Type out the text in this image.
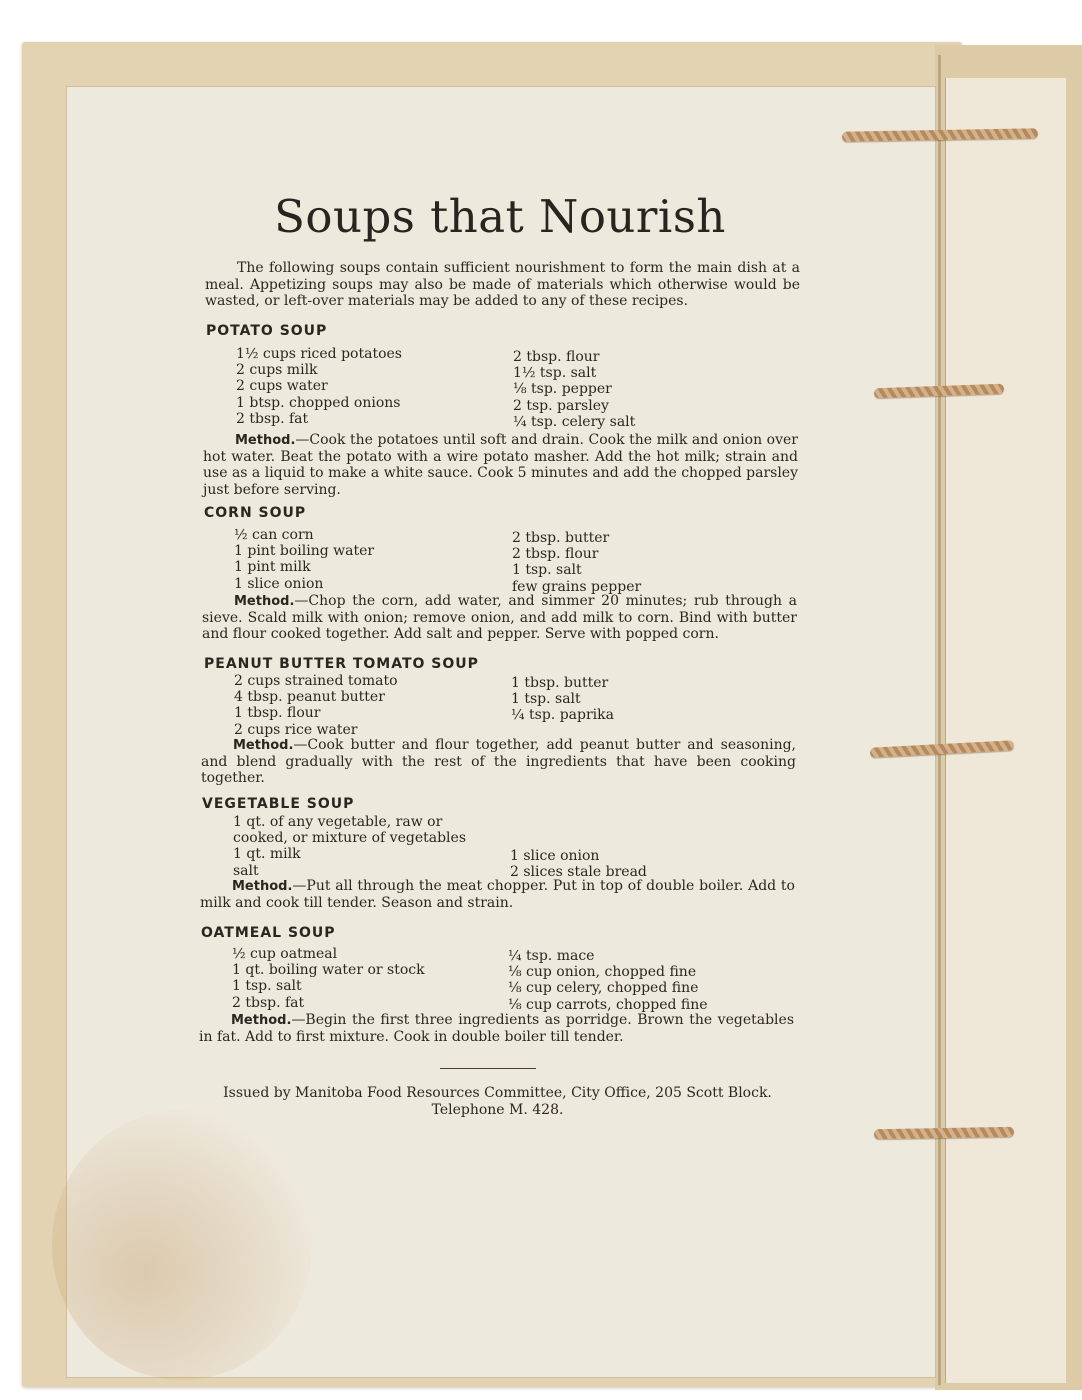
Soups that Nourish
The following soups contain sufficient nourishment to form the main dish at a meal. Appetizing soups may also be made of materials which otherwise would be wasted, or left-over materials may be added to any of these recipes.
POTATO SOUP
1½ cups riced potatoes
2 cups milk
2 cups water
1 btsp. chopped onions
2 tbsp. fat
2 tbsp. flour
1½ tsp. salt
⅛ tsp. pepper
2 tsp. parsley
¼ tsp. celery salt
Method.—Cook the potatoes until soft and drain. Cook the milk and onion over hot water. Beat the potato with a wire potato masher. Add the hot milk; strain and use as a liquid to make a white sauce. Cook 5 minutes and add the chopped parsley just before serving.
CORN SOUP
½ can corn
1 pint boiling water
1 pint milk
1 slice onion
2 tbsp. butter
2 tbsp. flour
1 tsp. salt
few grains pepper
Method.—Chop the corn, add water, and simmer 20 minutes; rub through a sieve. Scald milk with onion; remove onion, and add milk to corn. Bind with butter and flour cooked together. Add salt and pepper. Serve with popped corn.
PEANUT BUTTER TOMATO SOUP
2 cups strained tomato
4 tbsp. peanut butter
1 tbsp. flour
2 cups rice water
1 tbsp. butter
1 tsp. salt
¼ tsp. paprika
Method.—Cook butter and flour together, add peanut butter and seasoning, and blend gradually with the rest of the ingredients that have been cooking together.
VEGETABLE SOUP
1 qt. of any vegetable, raw or
cooked, or mixture of vegetables
1 qt. milk
salt
1 slice onion
2 slices stale bread
Method.—Put all through the meat chopper. Put in top of double boiler. Add to milk and cook till tender. Season and strain.
OATMEAL SOUP
½ cup oatmeal
1 qt. boiling water or stock
1 tsp. salt
2 tbsp. fat
¼ tsp. mace
⅛ cup onion, chopped fine
⅛ cup celery, chopped fine
⅛ cup carrots, chopped fine
Method.—Begin the first three ingredients as porridge. Brown the vegetables in fat. Add to first mixture. Cook in double boiler till tender.
Issued by Manitoba Food Resources Committee, City Office, 205 Scott Block.
Telephone M. 428.
